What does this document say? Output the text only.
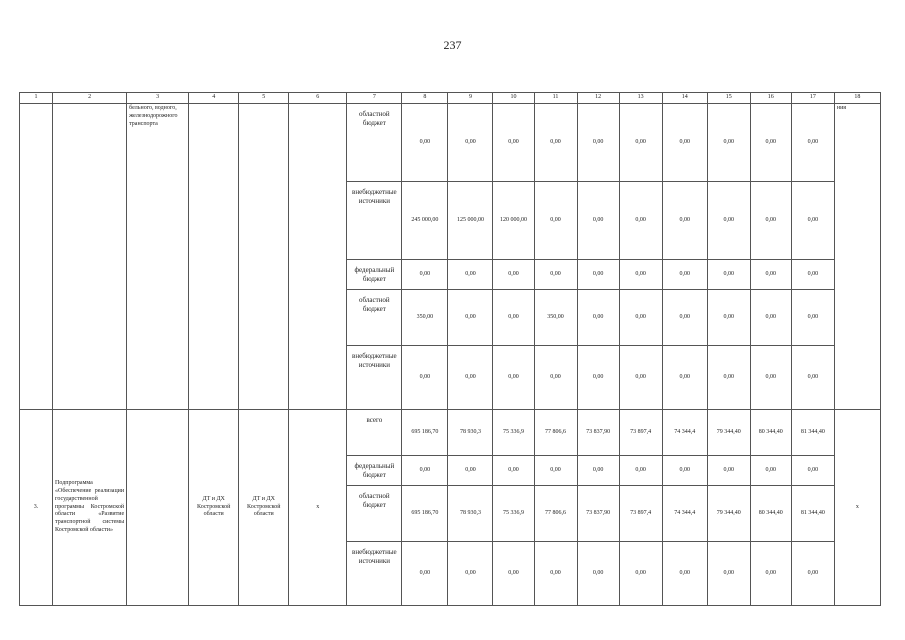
237
1	2	3	4	5	6	7	8	9	10	11	12	13	14	15	16	17	18
		бельного, водного, железнодорожного транспорта				областной бюджет	0,00	0,00	0,00	0,00	0,00	0,00	0,00	0,00	0,00	0,00	ния
						внебюджетные источники	245 000,00	125 000,00	120 000,00	0,00	0,00	0,00	0,00	0,00	0,00	0,00	
						федеральный бюджет	0,00	0,00	0,00	0,00	0,00	0,00	0,00	0,00	0,00	0,00	
						областной бюджет	350,00	0,00	0,00	350,00	0,00	0,00	0,00	0,00	0,00	0,00	
						внебюджетные источники	0,00	0,00	0,00	0,00	0,00	0,00	0,00	0,00	0,00	0,00	
3.	Подпрограмма «Обеспечение реализации государственной программы Костромской области «Развитие транспортной системы Костромской области»		ДТ и ДХ Костромской области	ДТ и ДХ Костромской области	х	всего	695 186,70	78 930,3	75 336,9	77 806,6	73 837,90	73 897,4	74 344,4	79 344,40	80 344,40	81 344,40	х
						федеральный бюджет	0,00	0,00	0,00	0,00	0,00	0,00	0,00	0,00	0,00	0,00	
						областной бюджет	695 186,70	78 930,3	75 336,9	77 806,6	73 837,90	73 897,4	74 344,4	79 344,40	80 344,40	81 344,40	
						внебюджетные источники	0,00	0,00	0,00	0,00	0,00	0,00	0,00	0,00	0,00	0,00	
